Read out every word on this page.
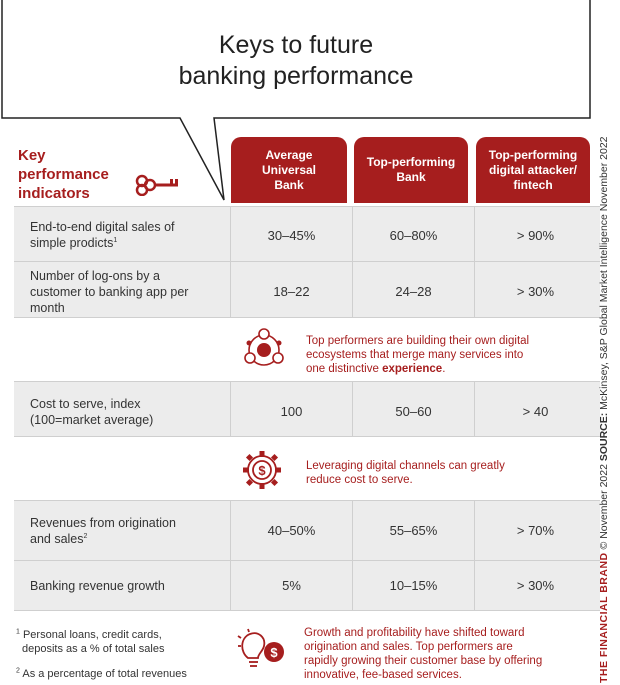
Keys to future
banking performance
Key
performance
indicators
Average
Universal
Bank
Top-performing
Bank
Top-performing
digital attacker/
fintech
End-to-end digital sales of
simple prodicts$^1$	30–45%	60–80%	> 90%
Number of log-ons by a
customer to banking app per
month
18–22	24–28	> 30%
Top performers are building their own digital
ecosystems that merge many services into
one distinctive experience.
Cost to serve, index
(100=market average)
100	50–60	> 40
$	Leveraging digital channels can greatly
reduce cost to serve.
Revenues from origination
and sales$^2$	40–50%	55–65%	> 70%
Banking revenue growth	5%	10–15%	> 30%
$^1$ Personal loans, credit cards,
deposits as a % of total sales
$^2$ As a percentage of total revenues
$
Growth and profitability have shifted toward
origination and sales. Top performers are
rapidly growing their customer base by offering
innovative, fee-based services.	THE FINANCIAL BRAND © November 2022 SOURCE: McKinsey, S&P Global Market Intelligence November 2022
